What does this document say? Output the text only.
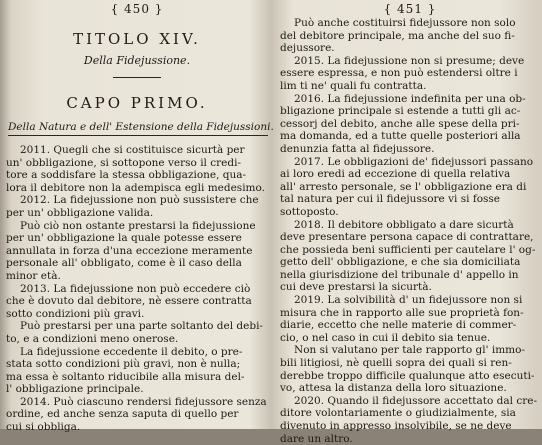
{ 450 }
TITOLO XIV.
Della Fidejussione.
CAPO PRIMO.
Della Natura e dell' Estensione della Fidejussioni.
2011. Quegli che si costituisce sicurtà per
un' obbligazione, si sottopone verso il credi-
tore a soddisfare la stessa obbligazione, qua-
lora il debitore non la adempisca egli medesimo.
2012. La fidejussione non può sussistere che
per un' obbligazione valida.
Può ciò non ostante prestarsi la fidejussione
per un' obbligazione la quale potesse essere
annullata in forza d'una eccezione meramente
personale all' obbligato, come è il caso della
minor età.
2013. La fidejussione non può eccedere ciò
che è dovuto dal debitore, nè essere contratta
sotto condizioni più gravi.
Può prestarsi per una parte soltanto del debi-
to, e a condizioni meno onerose.
La fidejussione eccedente il debito, o pre-
stata sotto condizioni più gravi, non è nulla;
ma essa è soltanto riducibile alla misura del-
l' obbligazione principale.
2014. Può ciascuno rendersi fidejussore senza
ordine, ed anche senza saputa di quello per
cui si obbliga.
{ 451 }
Può anche costituirsi fidejussore non solo
del debitore principale, ma anche del suo fi-
dejussore.
2015. La fidejussione non si presume; deve
essere espressa, e non può estendersi oltre i
lim ti ne' quali fu contratta.
2016. La fidejussione indefinita per una ob-
bligazione principale si estende a tutti gli ac-
cessorj del debito, anche alle spese della pri-
ma domanda, ed a tutte quelle posteriori alla
denunzia fatta al fidejussore.
2017. Le obbligazioni de' fidejussori passano
ai loro eredi ad eccezione di quella relativa
all' arresto personale, se l' obbligazione era di
tal natura per cui il fidejussore vi si fosse
sottoposto.
2018. Il debitore obbligato a dare sicurtà
deve presentare persona capace di contrattare,
che possieda beni sufficienti per cautelare l' og-
getto dell' obbligazione, e che sia domiciliata
nella giurisdizione del tribunale d' appello in
cui deve prestarsi la sicurtà.
2019. La solvibilità d' un fidejussore non si
misura che in rapporto alle sue proprietà fon-
diarie, eccetto che nelle materie di commer-
cio, o nel caso in cui il debito sia tenue.
Non si valutano per tale rapporto gl' immo-
bili litigiosi, nè quelli sopra dei quali si ren-
derebbe troppo difficile qualunque atto esecuti-
vo, attesa la distanza della loro situazione.
2020. Quando il fidejussore accettato dal cre-
ditore volontariamente o giudizialmente, sia
divenuto in appresso insolvibile, se ne deve
dare un altro.
